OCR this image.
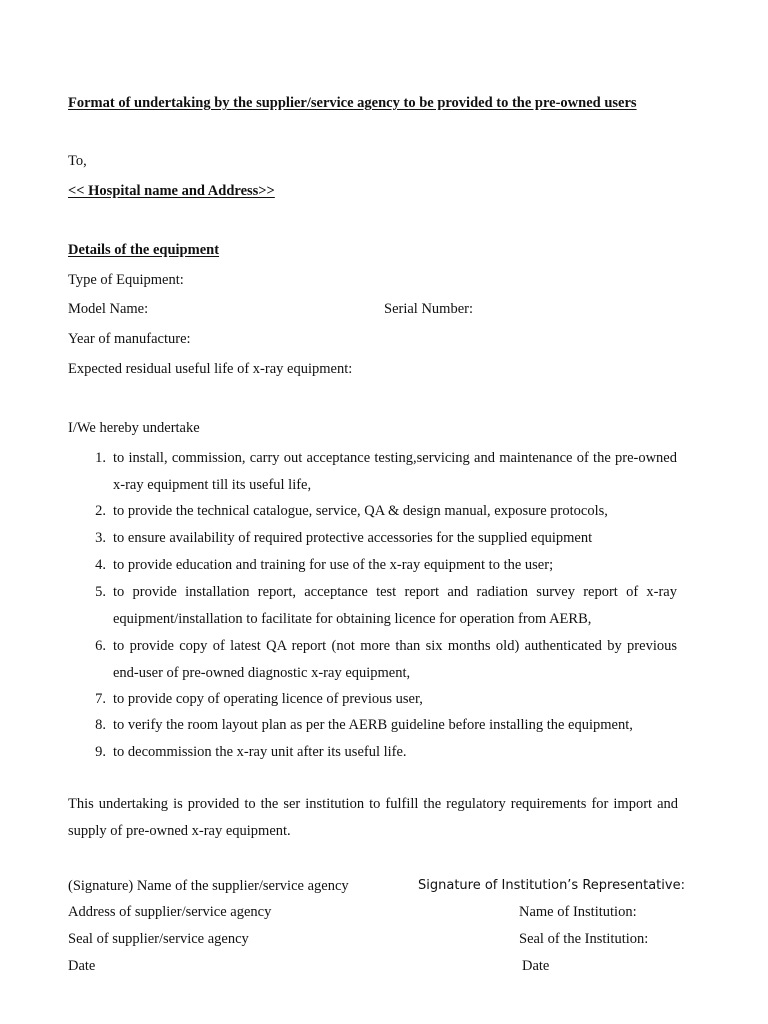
Format of undertaking by the supplier/service agency to be provided to the pre-owned users
To,
<< Hospital name and Address>>
Details of the equipment
Type of Equipment:
Model Name:	Serial Number:
Year of manufacture:
Expected residual useful life of x-ray equipment:
I/We hereby undertake
1. to install, commission, carry out acceptance testing,servicing and maintenance of the pre-owned x-ray equipment till its useful life,
2. to provide the technical catalogue, service, QA & design manual, exposure protocols,
3. to ensure availability of required protective accessories for the supplied equipment
4. to provide education and training for use of the x-ray equipment to the user;
5. to provide installation report, acceptance test report and radiation survey report of x-ray equipment/installation to facilitate for obtaining licence for operation from AERB,
6. to provide copy of latest QA report (not more than six months old) authenticated by previous end-user of pre-owned diagnostic x-ray equipment,
7. to provide copy of operating licence of previous user,
8. to verify the room layout plan as per the AERB guideline before installing the equipment,
9. to decommission the x-ray unit after its useful life.
This undertaking is provided to the ser institution to fulfill the regulatory requirements for import and supply of pre-owned x-ray equipment.
(Signature) Name of the supplier/service agency
Address of supplier/service agency
Seal of supplier/service agency
Date
Signature of Institution’s Representative:
Name of Institution:
Seal of the Institution:
Date
